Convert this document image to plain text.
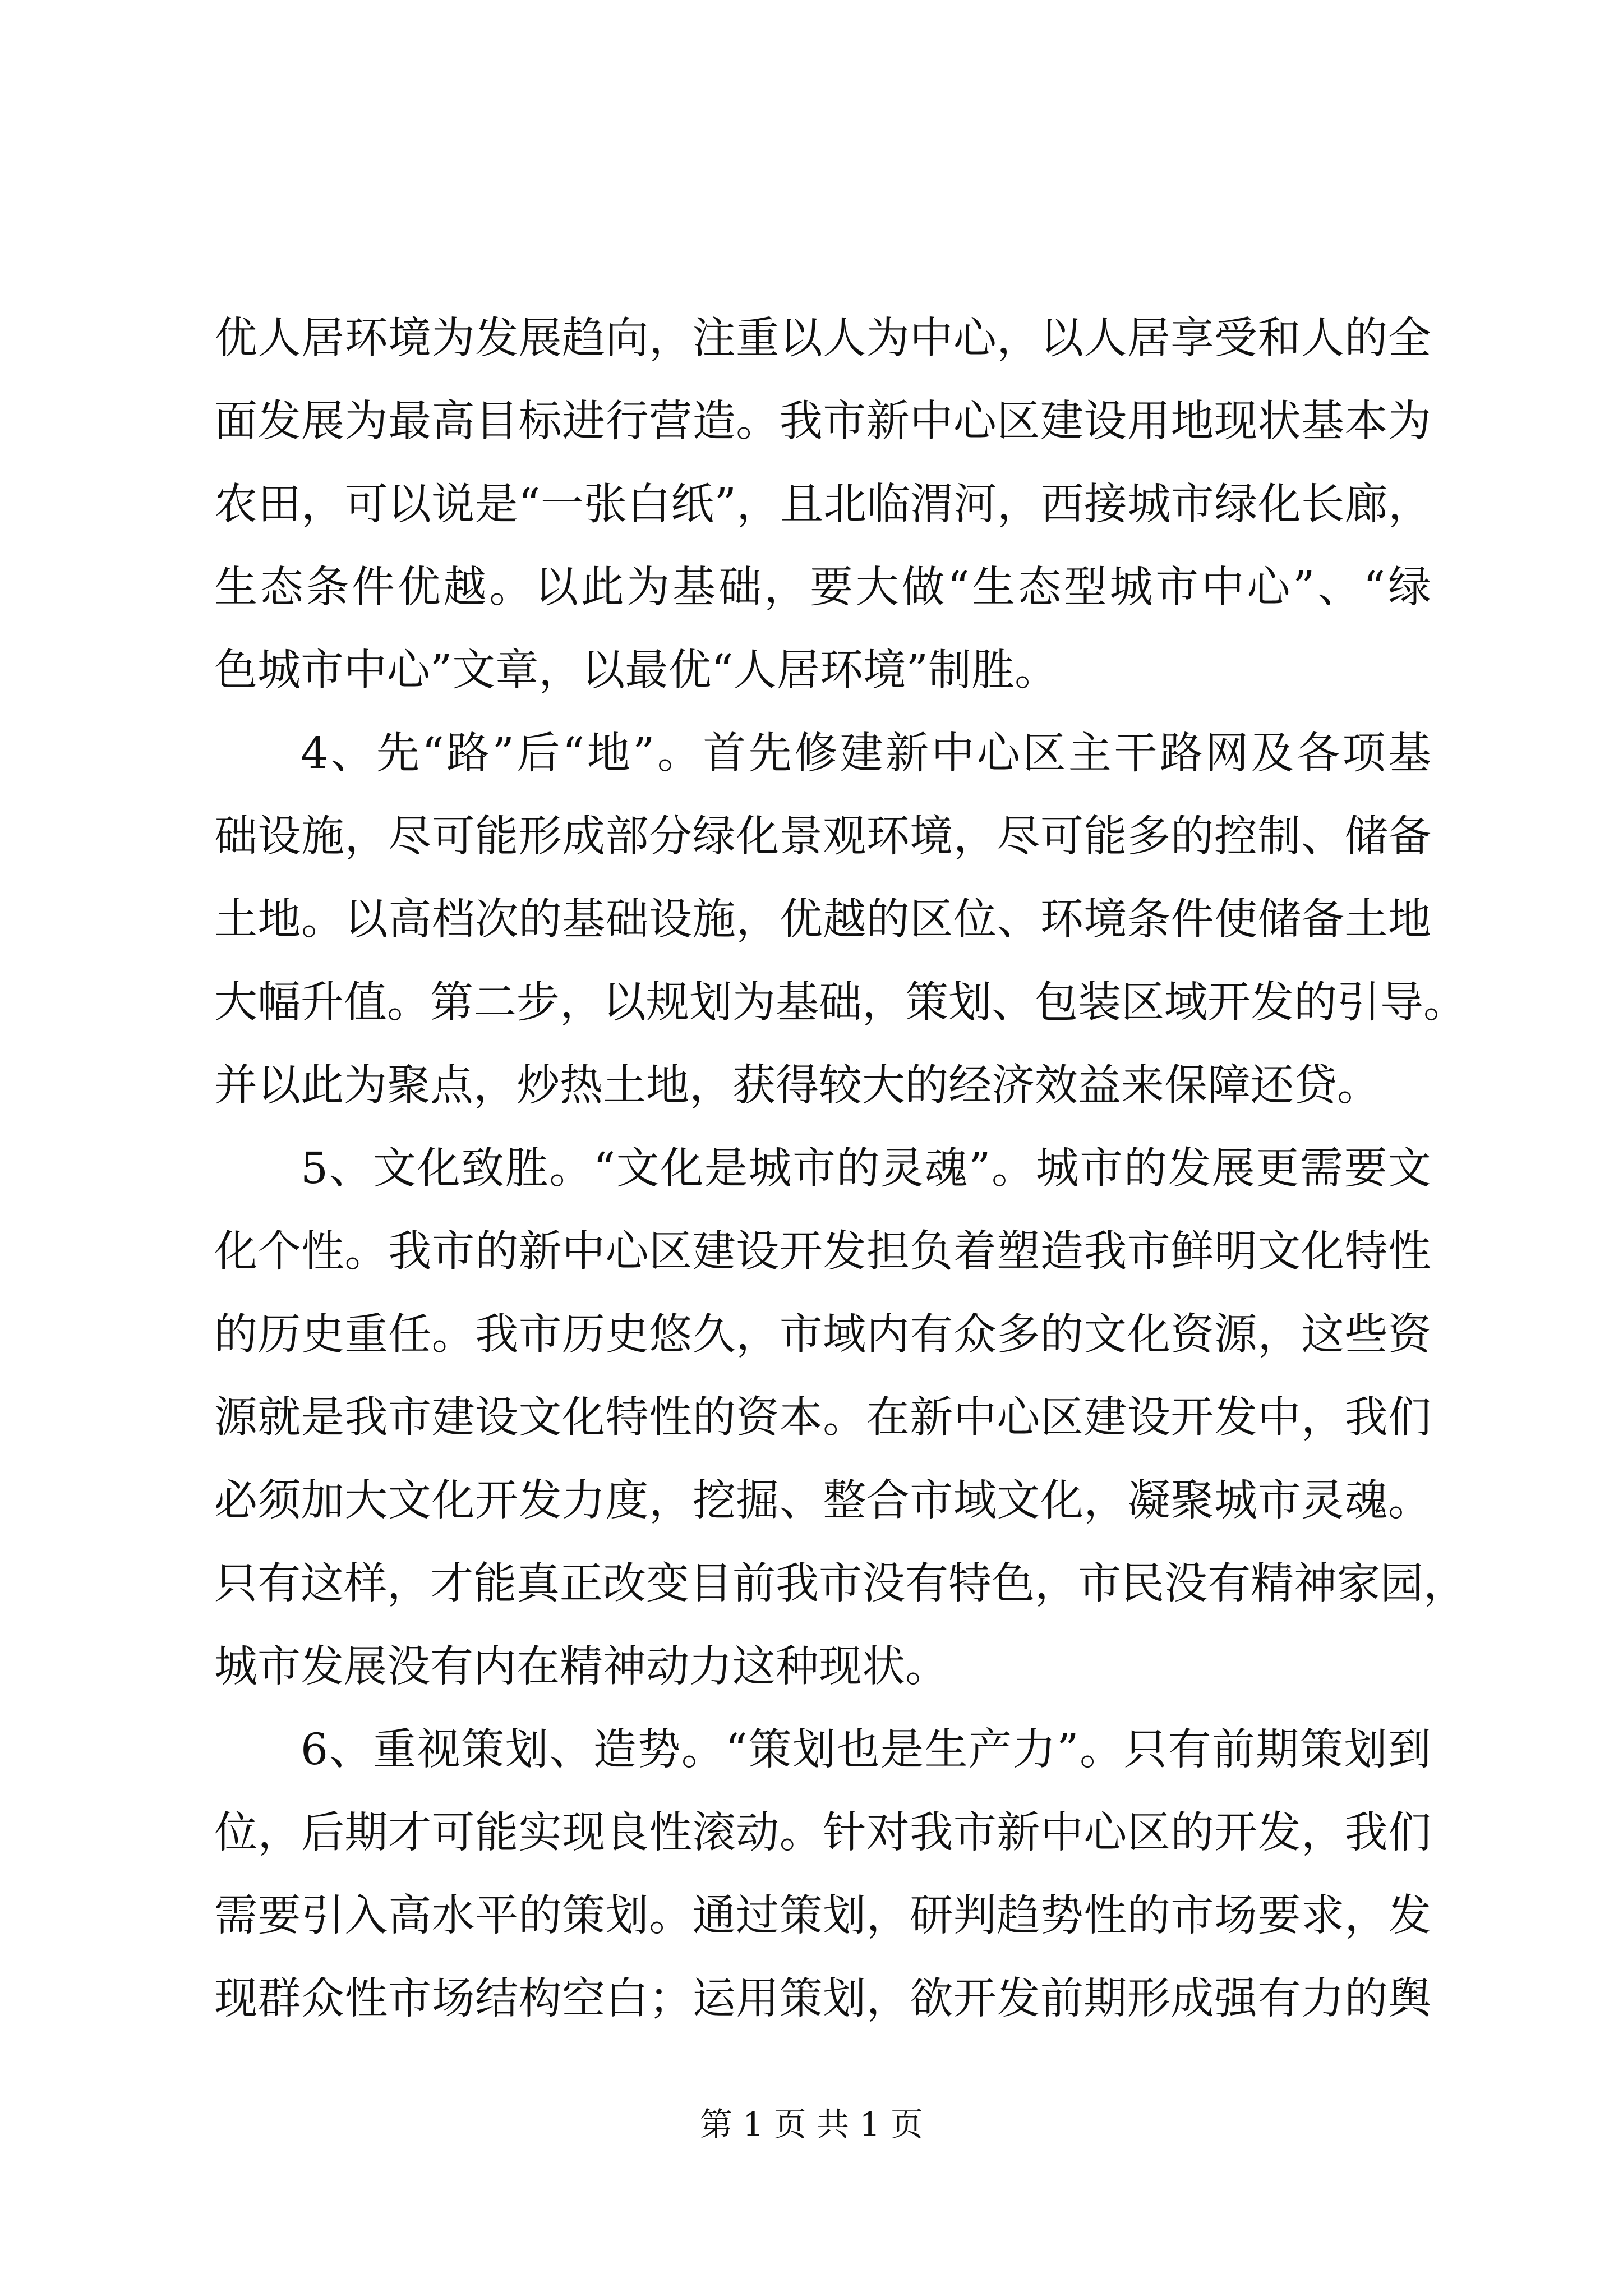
优人居环境为发展趋向，注重以人为中心，以人居享受和人的全
面发展为最高目标进行营造。我市新中心区建设用地现状基本为
农田，可以说是“一张白纸”，且北临渭河，西接城市绿化长廊，
生态条件优越。以此为基础，要大做“生态型城市中心”、“绿
色城市中心”文章，以最优“人居环境”制胜。
4、先“路”后“地”。首先修建新中心区主干路网及各项基
础设施，尽可能形成部分绿化景观环境，尽可能多的控制、储备
土地。以高档次的基础设施，优越的区位、环境条件使储备土地
大幅升值。第二步，以规划为基础，策划、包装区域开发的引导。
并以此为聚点，炒热土地，获得较大的经济效益来保障还贷。
5、文化致胜。“文化是城市的灵魂”。城市的发展更需要文
化个性。我市的新中心区建设开发担负着塑造我市鲜明文化特性
的历史重任。我市历史悠久，市域内有众多的文化资源，这些资
源就是我市建设文化特性的资本。在新中心区建设开发中，我们
必须加大文化开发力度，挖掘、整合市域文化，凝聚城市灵魂。
只有这样，才能真正改变目前我市没有特色，市民没有精神家园，
城市发展没有内在精神动力这种现状。
6、重视策划、造势。“策划也是生产力”。只有前期策划到
位，后期才可能实现良性滚动。针对我市新中心区的开发，我们
需要引入高水平的策划。通过策划，研判趋势性的市场要求，发
现群众性市场结构空白；运用策划，欲开发前期形成强有力的舆
第 1 页 共 1 页
